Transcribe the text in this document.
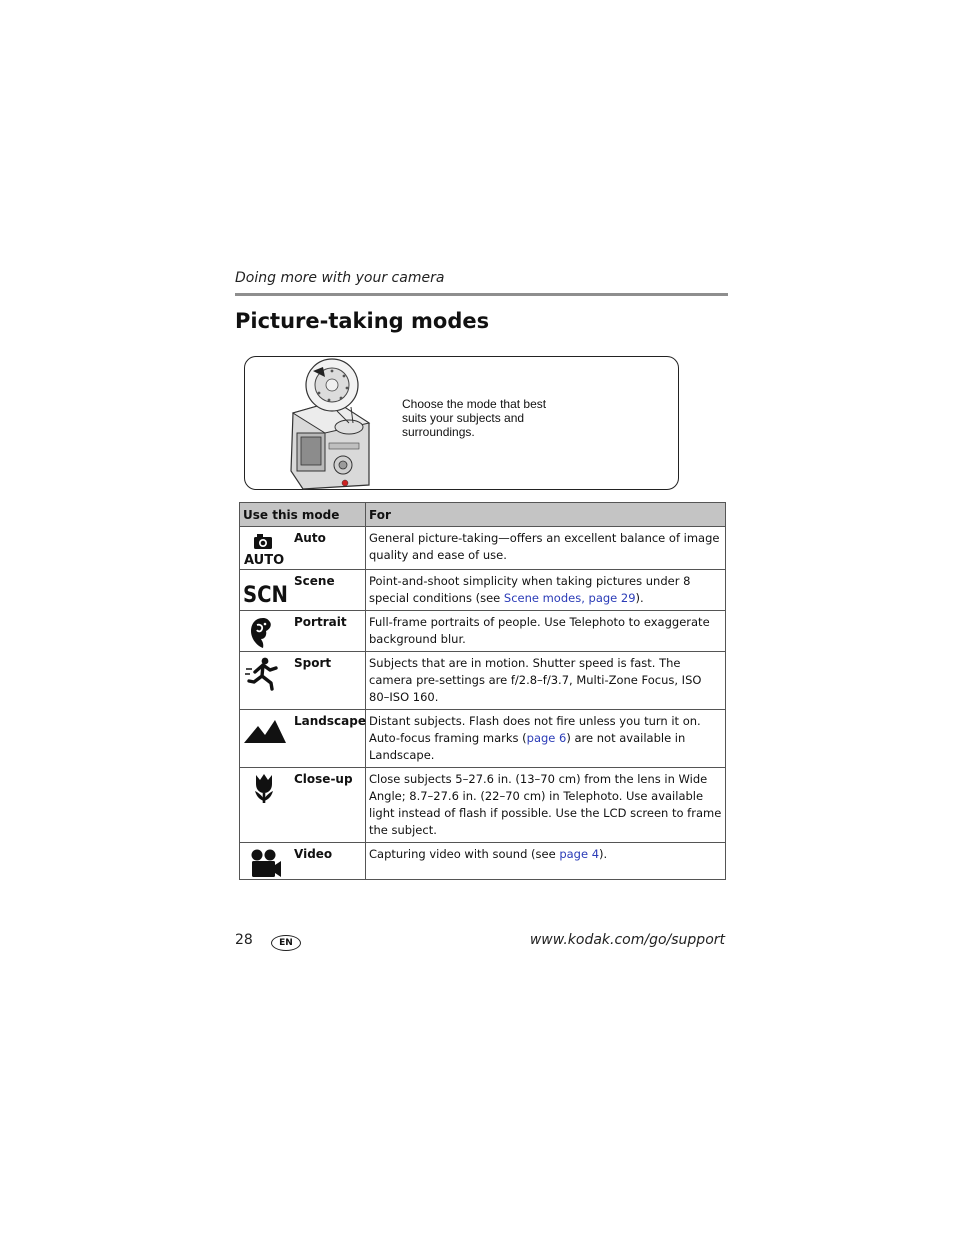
Doing more with your camera
Picture-taking modes
Choose the mode that best suits your subjects and surroundings.
Use this mode	For

AUTO
Auto	General picture-taking—offers an excellent balance of image quality and ease of use.

SCN
Scene	Point-and-shoot simplicity when taking pictures under 8 special conditions (see Scene modes, page 29).

Portrait	Full-frame portraits of people. Use Telephoto to exaggerate background blur.

Sport	Subjects that are in motion. Shutter speed is fast. The camera pre-settings are f/2.8–f/3.7, Multi-Zone Focus, ISO 80–ISO 160.

Landscape	Distant subjects. Flash does not fire unless you turn it on. Auto-focus framing marks (page 6) are not available in Landscape.

Close-up	Close subjects 5–27.6 in. (13–70 cm) from the lens in Wide Angle; 8.7–27.6 in. (22–70 cm) in Telephoto. Use available light instead of flash if possible. Use the LCD screen to frame the subject.

Video	Capturing video with sound (see page 4).
28	EN	www.kodak.com/go/support
